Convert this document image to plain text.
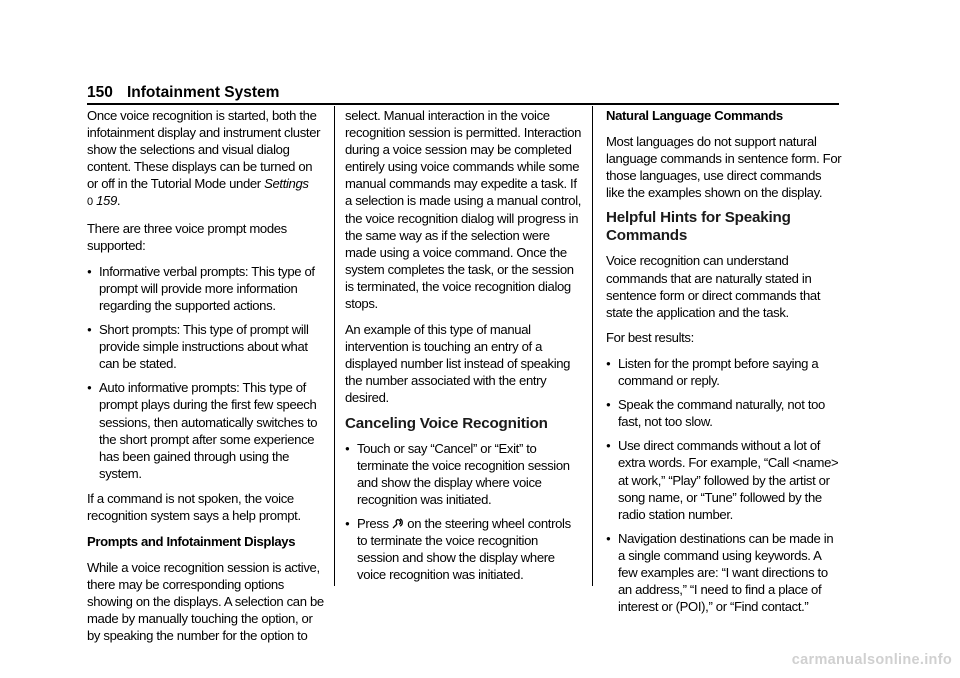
150 Infotainment System

Once voice recognition is started, both the infotainment display and instrument cluster show the selections and visual dialog content. These displays can be turned on or off in the Tutorial Mode under Settings
0 159.

There are three voice prompt modes supported:

● Informative verbal prompts: This type of prompt will provide more information regarding the supported actions.
● Short prompts: This type of prompt will provide simple instructions about what can be stated.
● Auto informative prompts: This type of prompt plays during the first few speech sessions, then automatically switches to the short prompt after some experience has been gained through using the system.

If a command is not spoken, the voice recognition system says a help prompt.

Prompts and Infotainment Displays

While a voice recognition session is active, there may be corresponding options showing on the displays. A selection can be made by manually touching the option, or by speaking the number for the option to

select. Manual interaction in the voice recognition session is permitted. Interaction during a voice session may be completed entirely using voice commands while some manual commands may expedite a task. If a selection is made using a manual control, the voice recognition dialog will progress in the same way as if the selection were made using a voice command. Once the system completes the task, or the session is terminated, the voice recognition dialog stops.

An example of this type of manual intervention is touching an entry of a displayed number list instead of speaking the number associated with the entry desired.

Canceling Voice Recognition
● Touch or say “Cancel” or “Exit” to terminate the voice recognition session and show the display where voice recognition was initiated.
● Press  on the steering wheel controls to terminate the voice recognition session and show the display where voice recognition was initiated.

Natural Language Commands

Most languages do not support natural language commands in sentence form. For those languages, use direct commands like the examples shown on the display.

Helpful Hints for Speaking Commands

Voice recognition can understand commands that are naturally stated in sentence form or direct commands that state the application and the task.

For best results:

● Listen for the prompt before saying a command or reply.
● Speak the command naturally, not too fast, not too slow.
● Use direct commands without a lot of extra words. For example, “Call <name> at work,” “Play” followed by the artist or song name, or “Tune” followed by the radio station number.
● Navigation destinations can be made in a single command using keywords. A few examples are: “I want directions to an address,” “I need to find a place of interest or (POI),” or “Find contact.”
carmanualsonline.info
